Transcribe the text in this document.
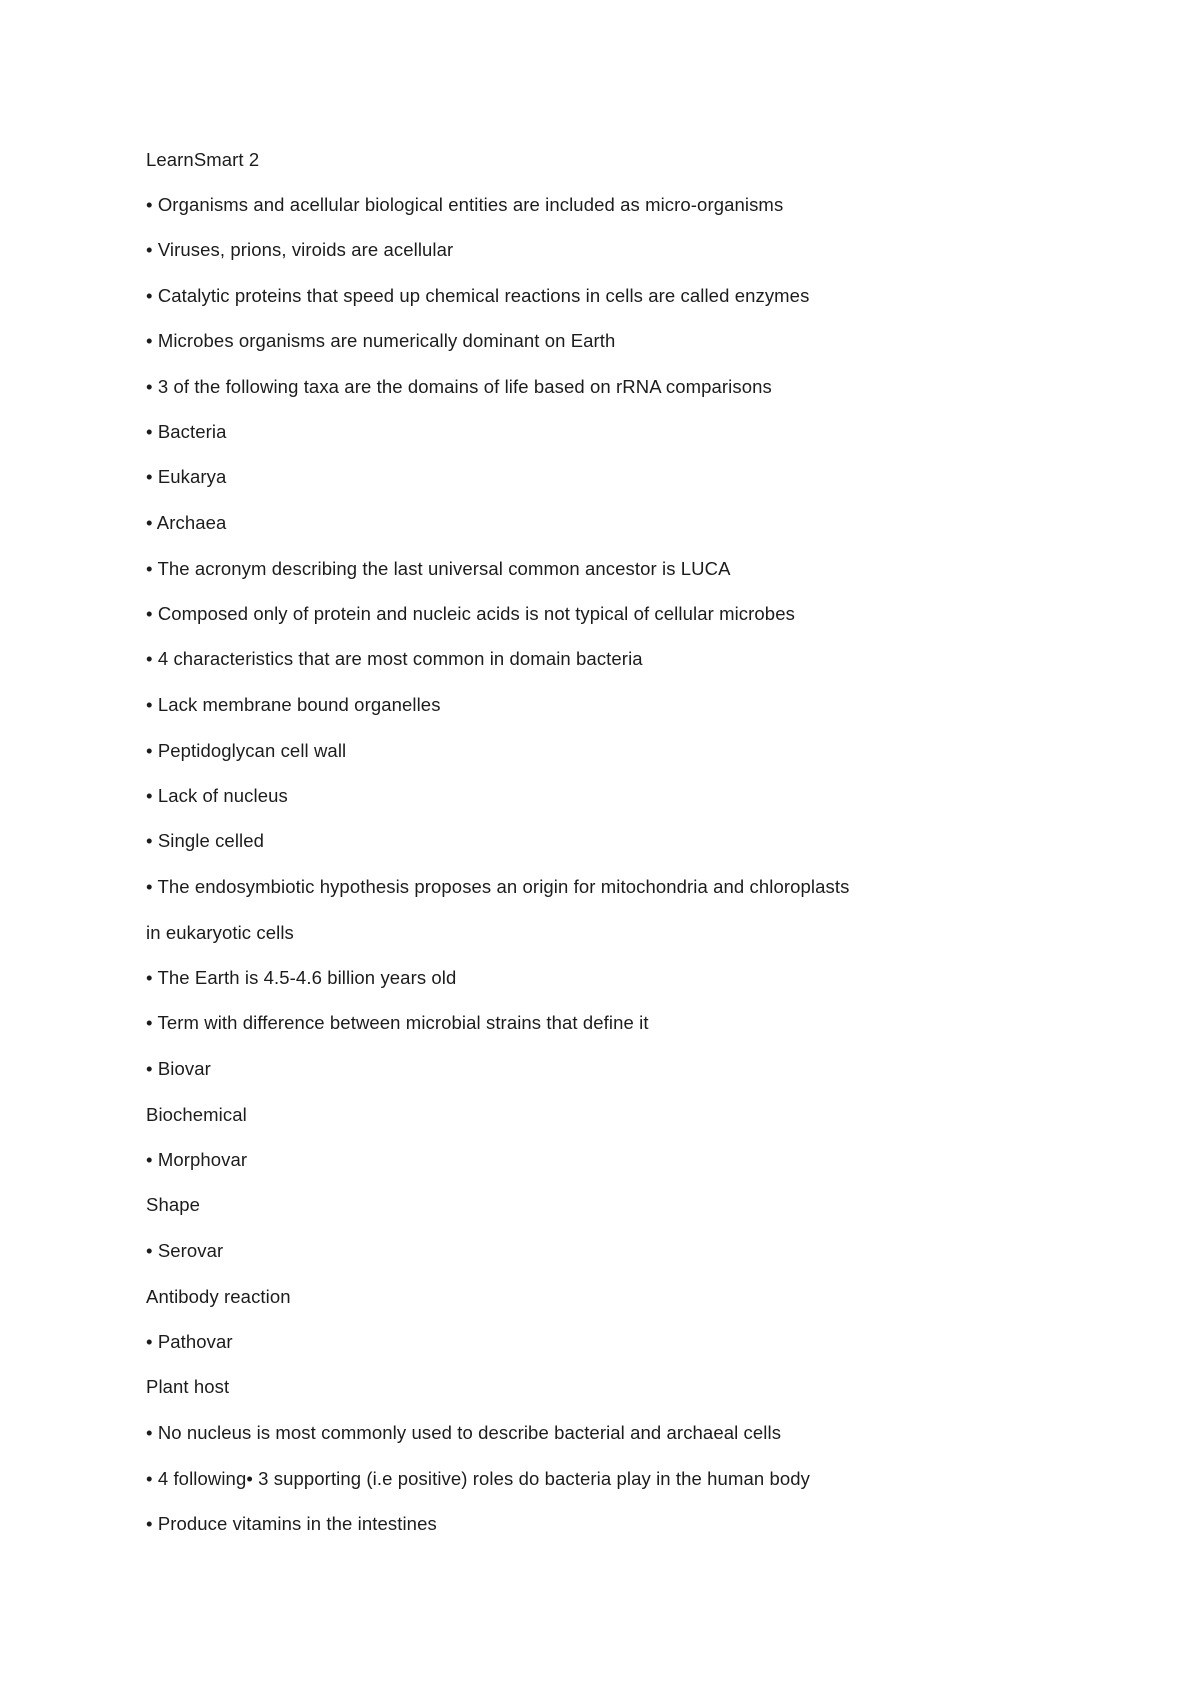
LearnSmart 2
• Organisms and acellular biological entities are included as micro-organisms
• Viruses, prions, viroids are acellular
• Catalytic proteins that speed up chemical reactions in cells are called enzymes
• Microbes organisms are numerically dominant on Earth
• 3 of the following taxa are the domains of life based on rRNA comparisons
• Bacteria
• Eukarya
• Archaea
• The acronym describing the last universal common ancestor is LUCA
• Composed only of protein and nucleic acids is not typical of cellular microbes
• 4 characteristics that are most common in domain bacteria
• Lack membrane bound organelles
• Peptidoglycan cell wall
• Lack of nucleus
• Single celled
• The endosymbiotic hypothesis proposes an origin for mitochondria and chloroplasts
in eukaryotic cells
• The Earth is 4.5-4.6 billion years old
• Term with difference between microbial strains that define it
• Biovar
Biochemical
• Morphovar
Shape
• Serovar
Antibody reaction
• Pathovar
Plant host
• No nucleus is most commonly used to describe bacterial and archaeal cells
• 4 following• 3 supporting (i.e positive) roles do bacteria play in the human body
• Produce vitamins in the intestines
